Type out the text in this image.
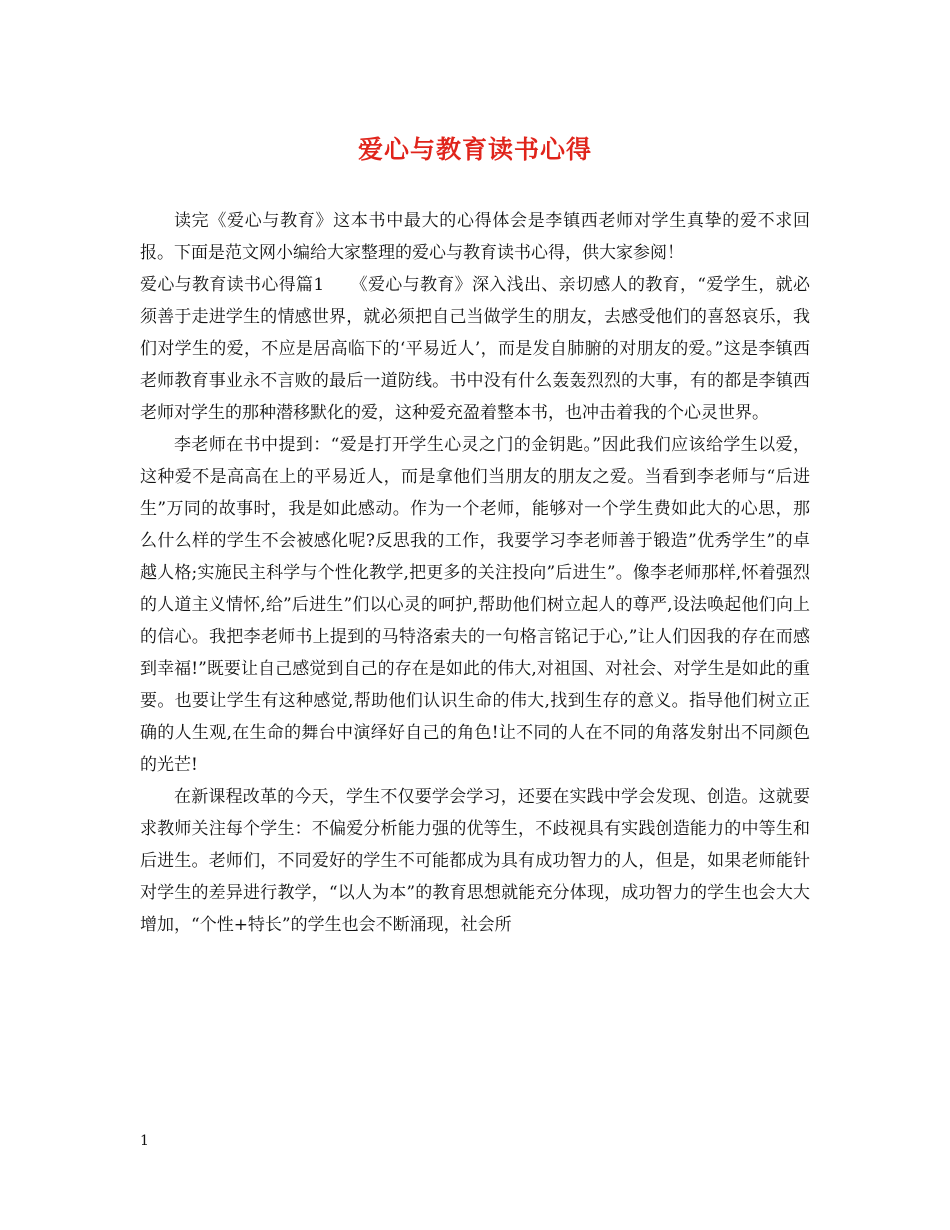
爱心与教育读书心得

读完《爱心与教育》这本书中最大的心得体会是李镇西老师对学生真挚的爱不求回报。下面是范文网小编给大家整理的爱心与教育读书心得，供大家参阅！

爱心与教育读书心得篇1　　《爱心与教育》深入浅出、亲切感人的教育，“爱学生，就必须善于走进学生的情感世界，就必须把自己当做学生的朋友，去感受他们的喜怒哀乐，我们对学生的爱，不应是居高临下的‘平易近人’，而是发自肺腑的对朋友的爱。”这是李镇西老师教育事业永不言败的最后一道防线。书中没有什么轰轰烈烈的大事，有的都是李镇西老师对学生的那种潜移默化的爱，这种爱充盈着整本书，也冲击着我的个心灵世界。

李老师在书中提到：“爱是打开学生心灵之门的金钥匙。”因此我们应该给学生以爱，这种爱不是高高在上的平易近人，而是拿他们当朋友的朋友之爱。当看到李老师与“后进生”万同的故事时，我是如此感动。作为一个老师，能够对一个学生费如此大的心思，那么什么样的学生不会被感化呢?反思我的工作，我要学习李老师善于锻造”优秀学生”的卓越人格;实施民主科学与个性化教学,把更多的关注投向”后进生”。像李老师那样,怀着强烈的人道主义情怀,给”后进生”们以心灵的呵护,帮助他们树立起人的尊严,设法唤起他们向上的信心。我把李老师书上提到的马特洛索夫的一句格言铭记于心,”让人们因我的存在而感到幸福!”既要让自己感觉到自己的存在是如此的伟大,对祖国、对社会、对学生是如此的重要。也要让学生有这种感觉,帮助他们认识生命的伟大,找到生存的意义。指导他们树立正确的人生观,在生命的舞台中演绎好自己的角色!让不同的人在不同的角落发射出不同颜色的光芒!

在新课程改革的今天，学生不仅要学会学习，还要在实践中学会发现、创造。这就要求教师关注每个学生：不偏爱分析能力强的优等生，不歧视具有实践创造能力的中等生和后进生。老师们，不同爱好的学生不可能都成为具有成功智力的人，但是，如果老师能针对学生的差异进行教学，“以人为本”的教育思想就能充分体现，成功智力的学生也会大大增加，“个性+特长”的学生也会不断涌现，社会所

1
